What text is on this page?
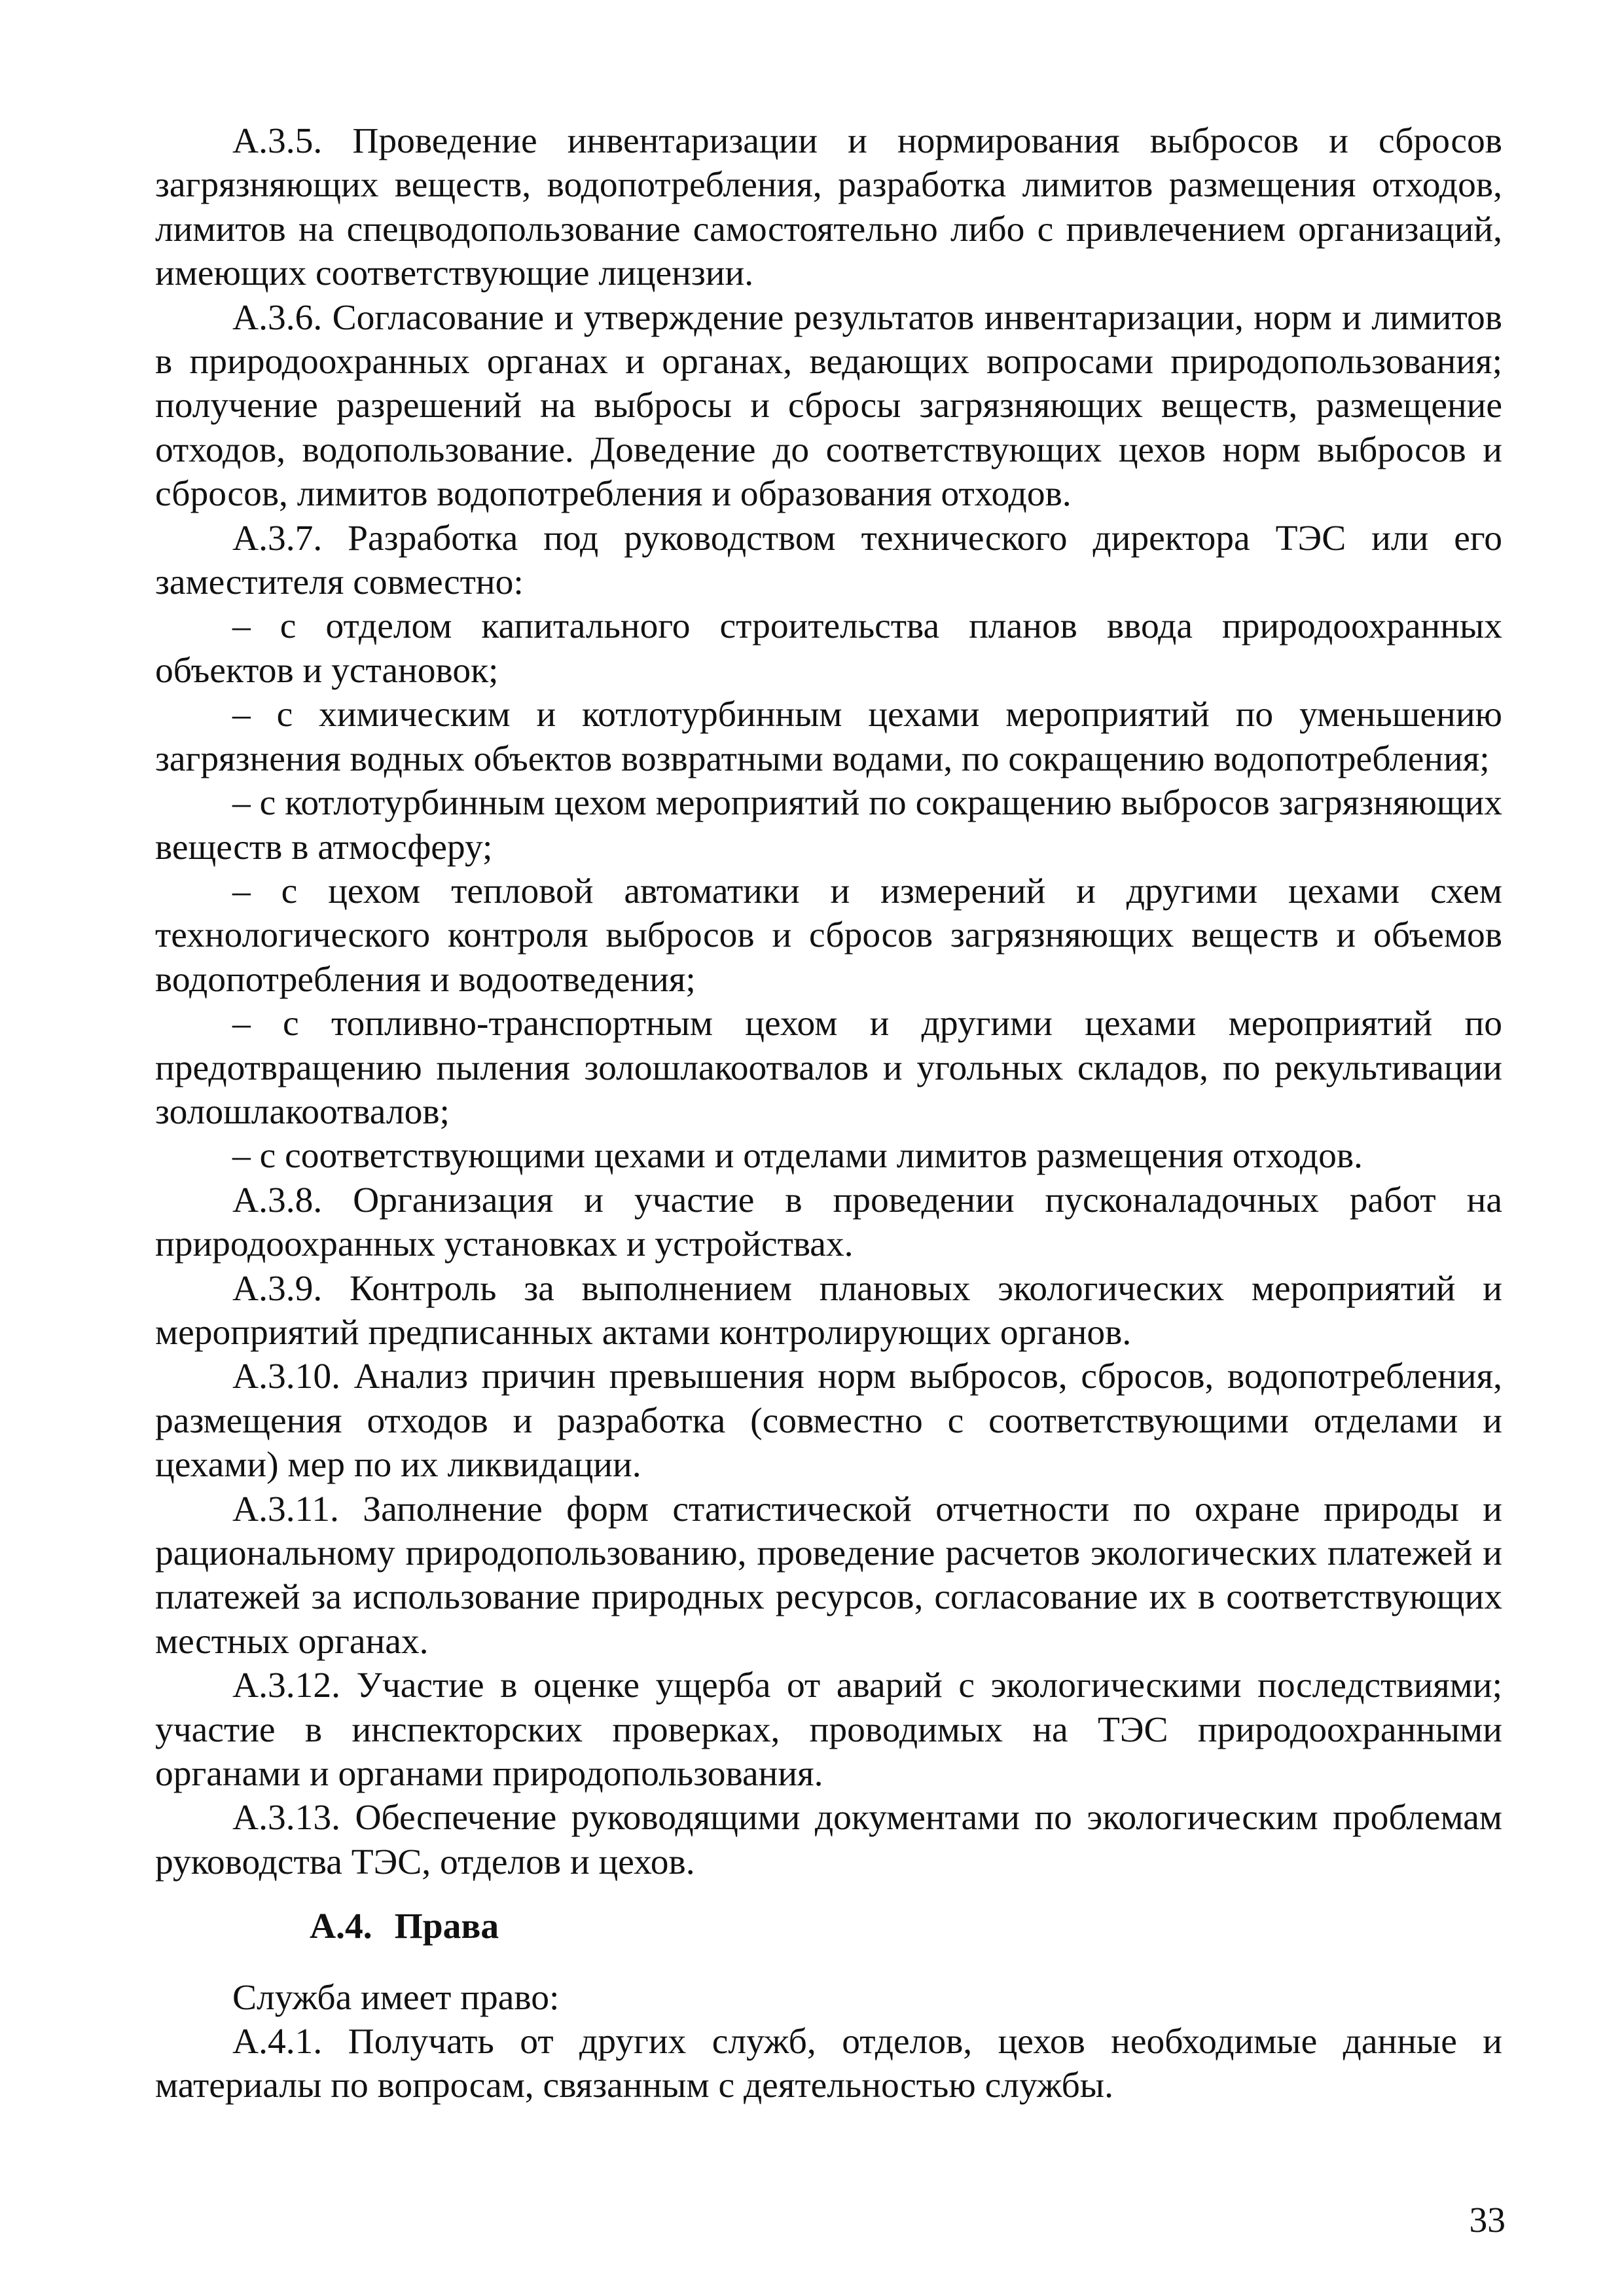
А.3.5. Проведение инвентаризации и нормирования выбросов и сбросов загрязняющих веществ, водопотребления, разработка лимитов размещения отходов, лимитов на спецводопользование самостоятельно либо с привлечением организаций, имеющих соответствующие лицензии.

А.3.6. Согласование и утверждение результатов инвентаризации, норм и лимитов в природоохранных органах и органах, ведающих вопросами природопользования; получение разрешений на выбросы и сбросы загрязняющих веществ, размещение отходов, водопользование. Доведение до соответствующих цехов норм выбросов и сбросов, лимитов водопотребления и образования отходов.

А.3.7. Разработка под руководством технического директора ТЭС или его заместителя совместно:

– с отделом капитального строительства планов ввода природоохранных объектов и установок;

– с химическим и котлотурбинным цехами мероприятий по уменьшению загрязнения водных объектов возвратными водами, по сокращению водопотребления;

– с котлотурбинным цехом мероприятий по сокращению выбросов загрязняющих веществ в атмосферу;

– с цехом тепловой автоматики и измерений и другими цехами схем технологического контроля выбросов и сбросов загрязняющих веществ и объемов водопотребления и водоотведения;

– с топливно-транспортным цехом и другими цехами мероприятий по предотвращению пыления золошлакоотвалов и угольных складов, по рекультивации золошлакоотвалов;

– с соответствующими цехами и отделами лимитов размещения отходов.

А.3.8. Организация и участие в проведении пусконаладочных работ на природоохранных установках и устройствах.

А.3.9. Контроль за выполнением плановых экологических мероприятий и мероприятий предписанных актами контролирующих органов.

А.3.10. Анализ причин превышения норм выбросов, сбросов, водопотребления, размещения отходов и разработка (совместно с соответствующими отделами и цехами) мер по их ликвидации.

А.3.11. Заполнение форм статистической отчетности по охране природы и рациональному природопользованию, проведение расчетов экологических платежей и платежей за использование природных ресурсов, согласование их в соответствующих местных органах.

А.3.12. Участие в оценке ущерба от аварий с экологическими последствиями; участие в инспекторских проверках, проводимых на ТЭС природоохранными органами и органами природопользования.

А.3.13. Обеспечение руководящими документами по экологическим проблемам руководства ТЭС, отделов и цехов.

А.4. Права

Служба имеет право:

А.4.1. Получать от других служб, отделов, цехов необходимые данные и материалы по вопросам, связанным с деятельностью службы.

33
